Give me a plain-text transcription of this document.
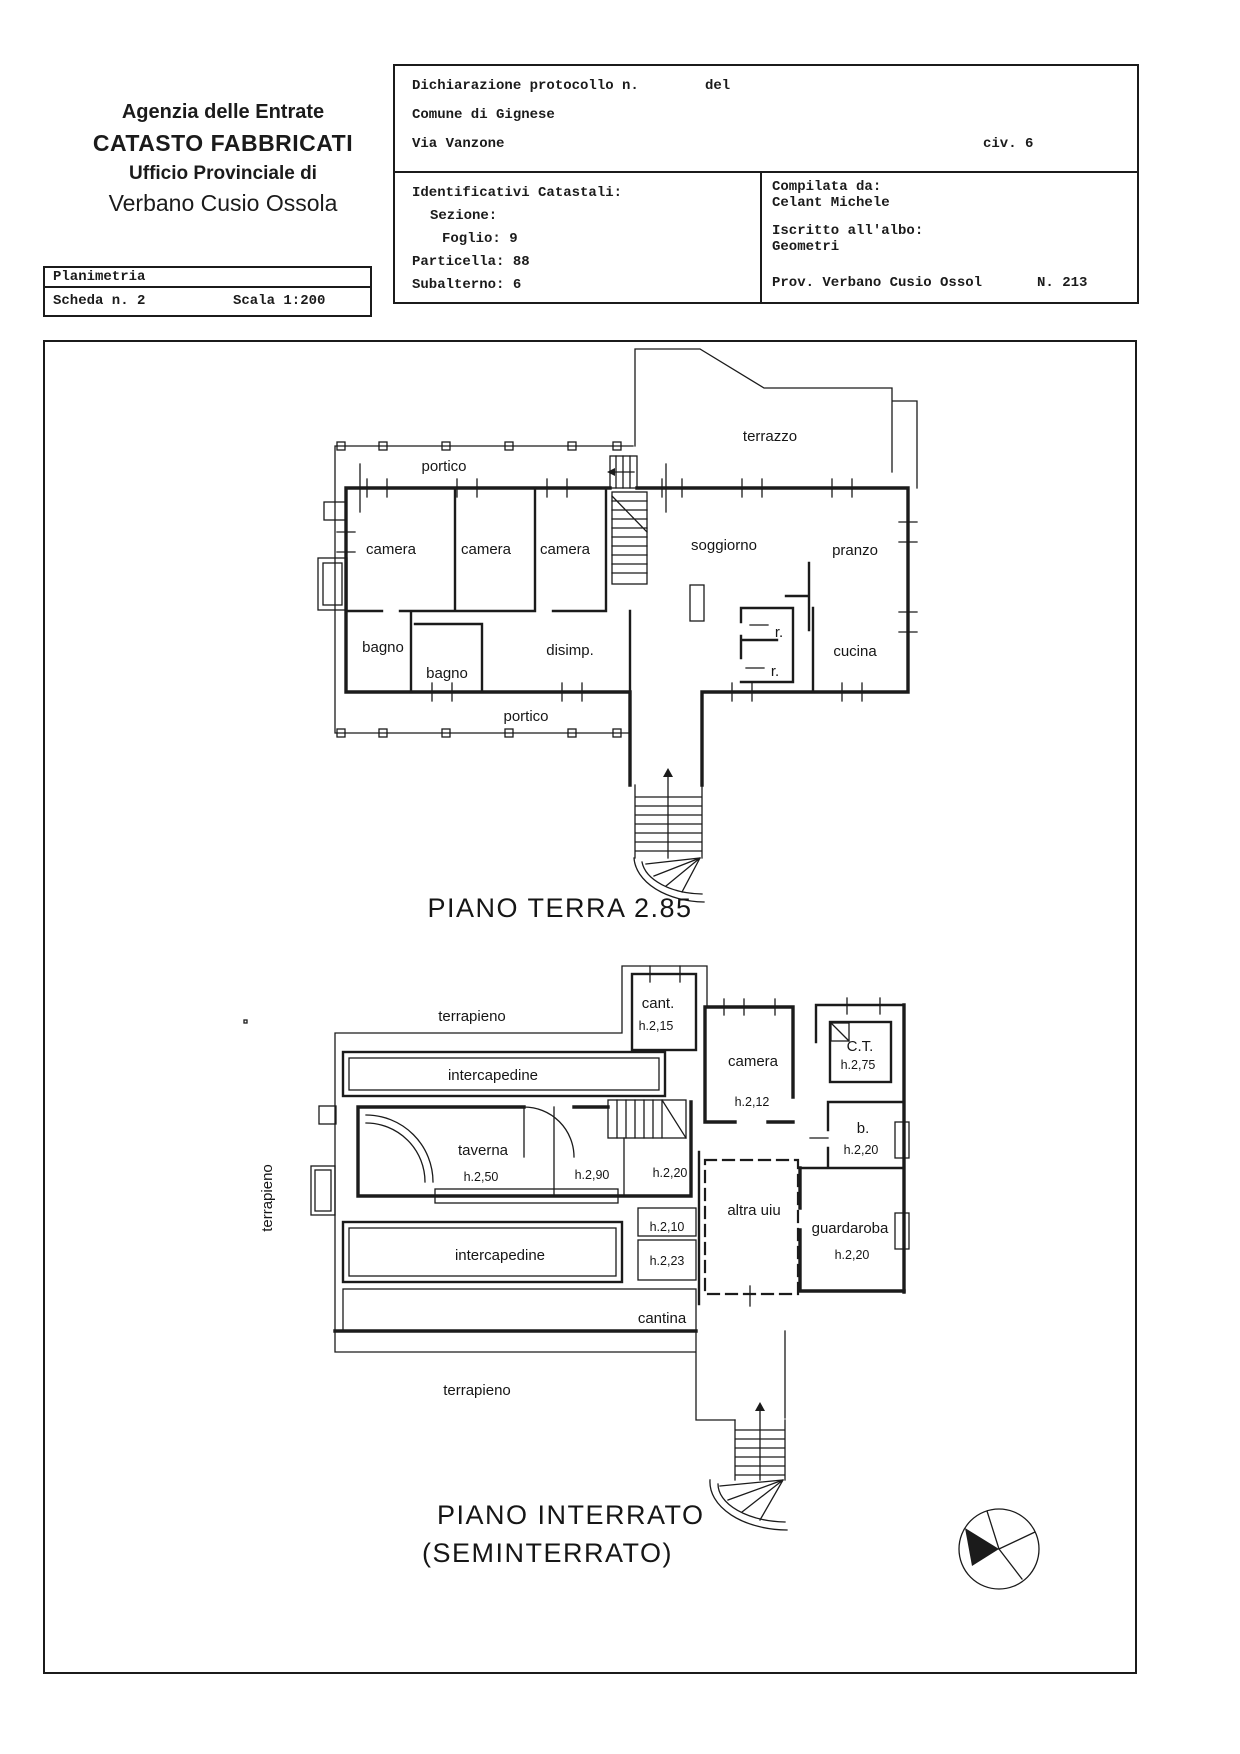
Agenzia delle Entrate
CATASTO FABBRICATI
Ufficio Provinciale di
Verbano Cusio Ossola
Dichiarazione protocollo n.	del
Comune di Gignese
Via Vanzone	civ. 6
Identificativi Catastali:
Sezione:
Foglio: 9
Particella: 88
Subalterno: 6
Compilata da:
Celant Michele
Iscritto all'albo:
Geometri
Prov. Verbano Cusio Ossol	N. 213
Planimetria
Scheda n. 2	Scala 1:200
portico
terrazzo
camera	camera camera	soggiorno	pranzo
bagno
bagno
disimp.
r.
r.
cucina
portico
PIANO TERRA 2.85
terrapieno
terrapieno
terrapieno
cant.
h.2,15
intercapedine
camera
h.2,12
C.T.
h.2,75
taverna
h.2,50	h.2,90	h.2,20
b.
h.2,20
altra uiu
guardaroba
h.2,20
intercapedine
h.2,10
h.2,23
cantina
PIANO INTERRATO
(SEMINTERRATO)
